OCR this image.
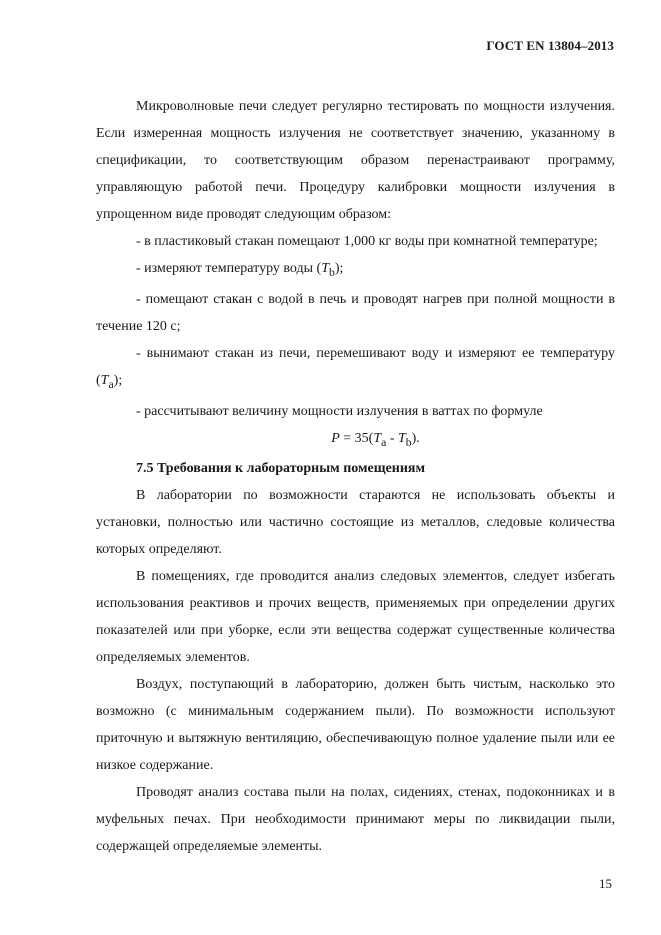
ГОСТ EN 13804–2013

Микроволновые печи следует регулярно тестировать по мощности излучения. Если измеренная мощность излучения не соответствует значению, указанному в спецификации, то соответствующим образом перенастраивают программу, управляющую работой печи. Процедуру калибровки мощности излучения в упрощенном виде проводят следующим образом:

- в пластиковый стакан помещают 1,000 кг воды при комнатной температуре;

- измеряют температуру воды $(T_b)$;

- помещают стакан с водой в печь и проводят нагрев при полной мощности в течение 120 с;

- вынимают стакан из печи, перемешивают воду и измеряют ее температуру $(T_a)$;

- рассчитывают величину мощности излучения в ваттах по формуле

$P = 35(T_a - T_b)$.

7.5 Требования к лабораторным помещениям

В лаборатории по возможности стараются не использовать объекты и установки, полностью или частично состоящие из металлов, следовые количества которых определяют.

В помещениях, где проводится анализ следовых элементов, следует избегать использования реактивов и прочих веществ, применяемых при определении других показателей или при уборке, если эти вещества содержат существенные количества определяемых элементов.

Воздух, поступающий в лабораторию, должен быть чистым, насколько это возможно (с минимальным содержанием пыли). По возможности используют приточную и вытяжную вентиляцию, обеспечивающую полное удаление пыли или ее низкое содержание.

Проводят анализ состава пыли на полах, сидениях, стенах, подоконниках и в муфельных печах. При необходимости принимают меры по ликвидации пыли, содержащей определяемые элементы.

15
